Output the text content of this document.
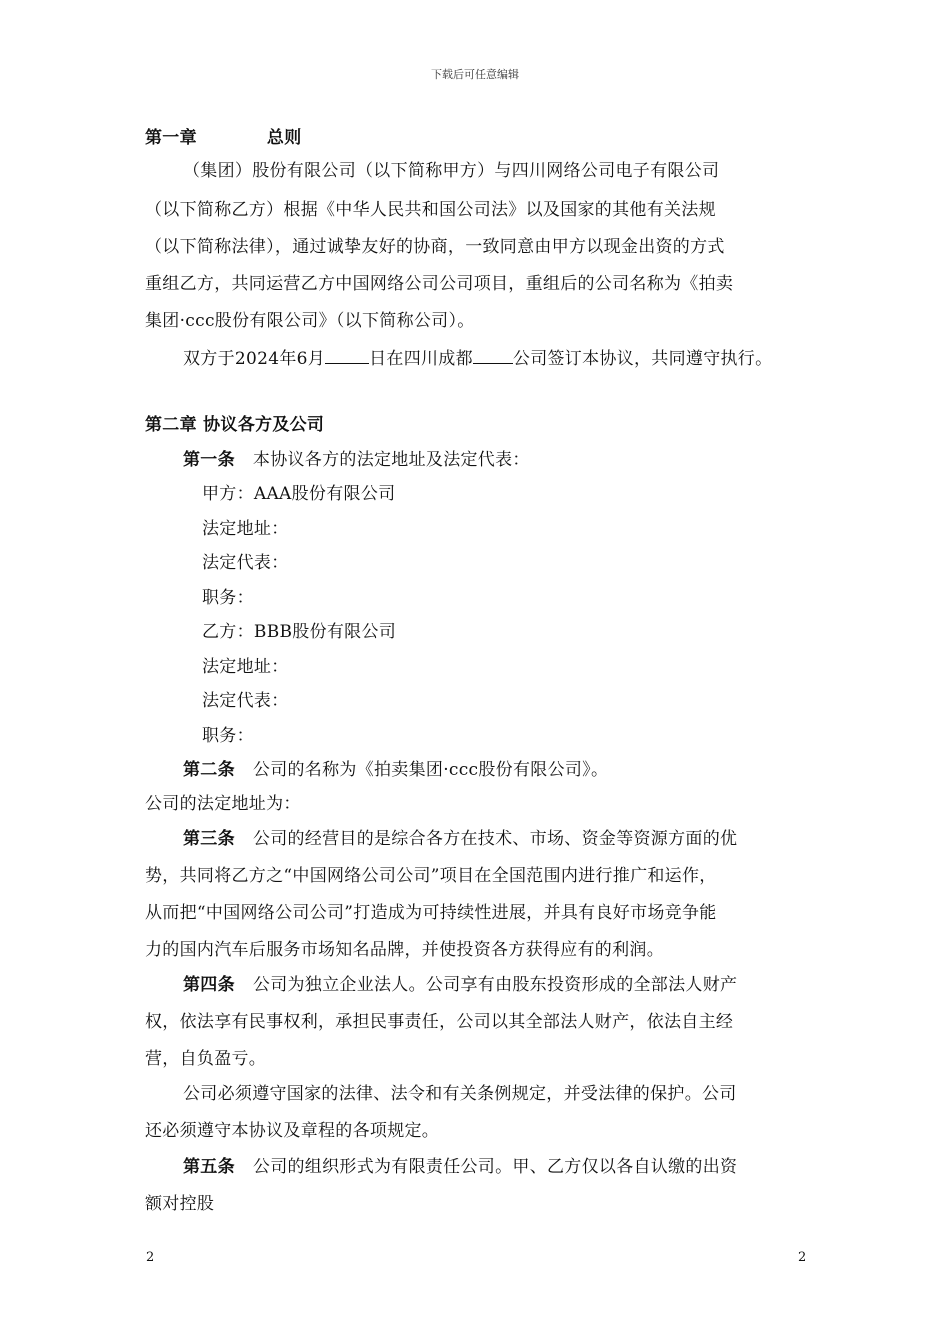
下载后可任意编辑
第一章	总则
（集团）股份有限公司（以下简称甲方）与四川网络公司电子有限公司
（以下简称乙方）根据《中华人民共和国公司法》以及国家的其他有关法规
（以下简称法律），通过诚挚友好的协商，一致同意由甲方以现金出资的方式
重组乙方，共同运营乙方中国网络公司公司项目，重组后的公司名称为《拍卖
集团·ccc股份有限公司》（以下简称公司）。
双方于2024年6月	日在四川成都 公司签订本协议，共同遵守执行。
第二章 协议各方及公司
第一条 本协议各方的法定地址及法定代表：
甲方：AAA股份有限公司
法定地址：
法定代表：
职务：
乙方：BBB股份有限公司
法定地址：
法定代表：
职务：
第二条 公司的名称为《拍卖集团·ccc股份有限公司》。
公司的法定地址为：
第三条 公司的经营目的是综合各方在技术、市场、资金等资源方面的优
势，共同将乙方之“中国网络公司公司”项目在全国范围内进行推广和运作，
从而把“中国网络公司公司”打造成为可持续性进展，并具有良好市场竞争能
力的国内汽车后服务市场知名品牌，并使投资各方获得应有的利润。
第四条 公司为独立企业法人。公司享有由股东投资形成的全部法人财产
权，依法享有民事权利，承担民事责任，公司以其全部法人财产，依法自主经
营，自负盈亏。
公司必须遵守国家的法律、法令和有关条例规定，并受法律的保护。公司
还必须遵守本协议及章程的各项规定。
第五条 公司的组织形式为有限责任公司。甲、乙方仅以各自认缴的出资
额对控股
2	2
